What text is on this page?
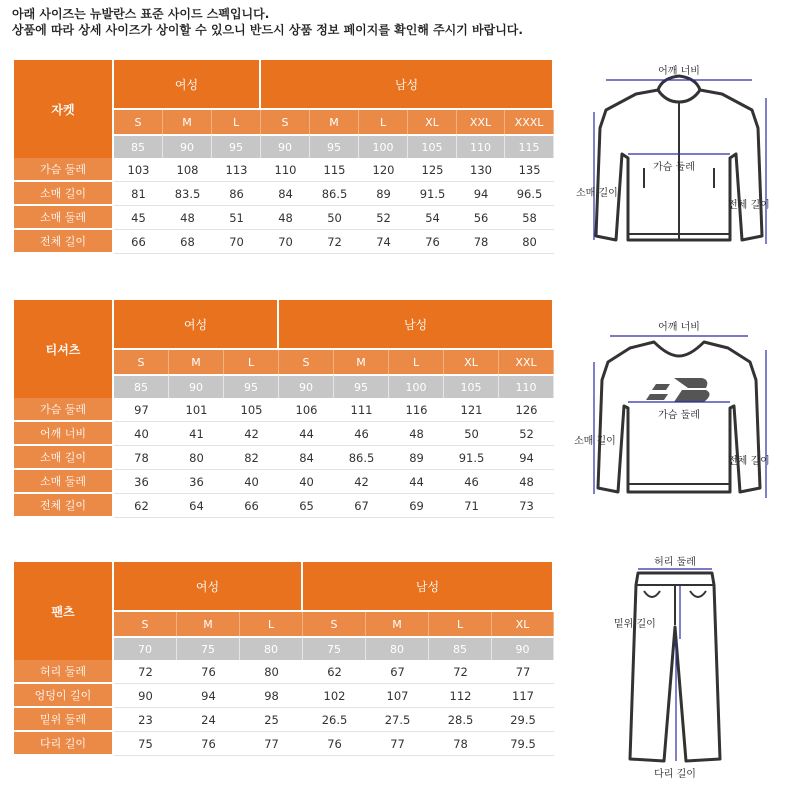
아래 사이즈는 뉴발란스 표준 사이드 스펙입니다.
상품에 따라 상세 사이즈가 상이할 수 있으니 반드시 상품 정보 페이지를 확인해 주시기 바랍니다.
자켓	여성			남성					
	S	M	L	S	M	L	XL	XXL	XXXL
	85	90	95	90	95	100	105	110	115
가슴 둘레	103	108	113	110	115	120	125	130	135
소매 길이	81	83.5	86	84	86.5	89	91.5	94	96.5
소매 둘레	45	48	51	48	50	52	54	56	58
전체 길이	66	68	70	70	72	74	76	78	80
티셔츠	여성			남성				
	S	M	L	S	M	L	XL	XXL
	85	90	95	90	95	100	105	110
가슴 둘레	97	101	105	106	111	116	121	126
어깨 너비	40	41	42	44	46	48	50	52
소매 길이	78	80	82	84	86.5	89	91.5	94
소매 둘레	36	36	40	40	42	44	46	48
전체 길이	62	64	66	65	67	69	71	73
팬츠	여성			남성			
	S	M	L	S	M	L	XL
	70	75	80	75	80	85	90
허리 둘레	72	76	80	62	67	72	77
엉덩이 길이	90	94	98	102	107	112	117
밑위 둘레	23	24	25	26.5	27.5	28.5	29.5
다리 길이	75	76	77	76	77	78	79.5
어깨 너비
가슴 둘레
소매 길이
전체 길이
어깨 너비
가슴 둘레
소매 길이
전체 길이
허리 둘레
밑위 길이
다리 길이
